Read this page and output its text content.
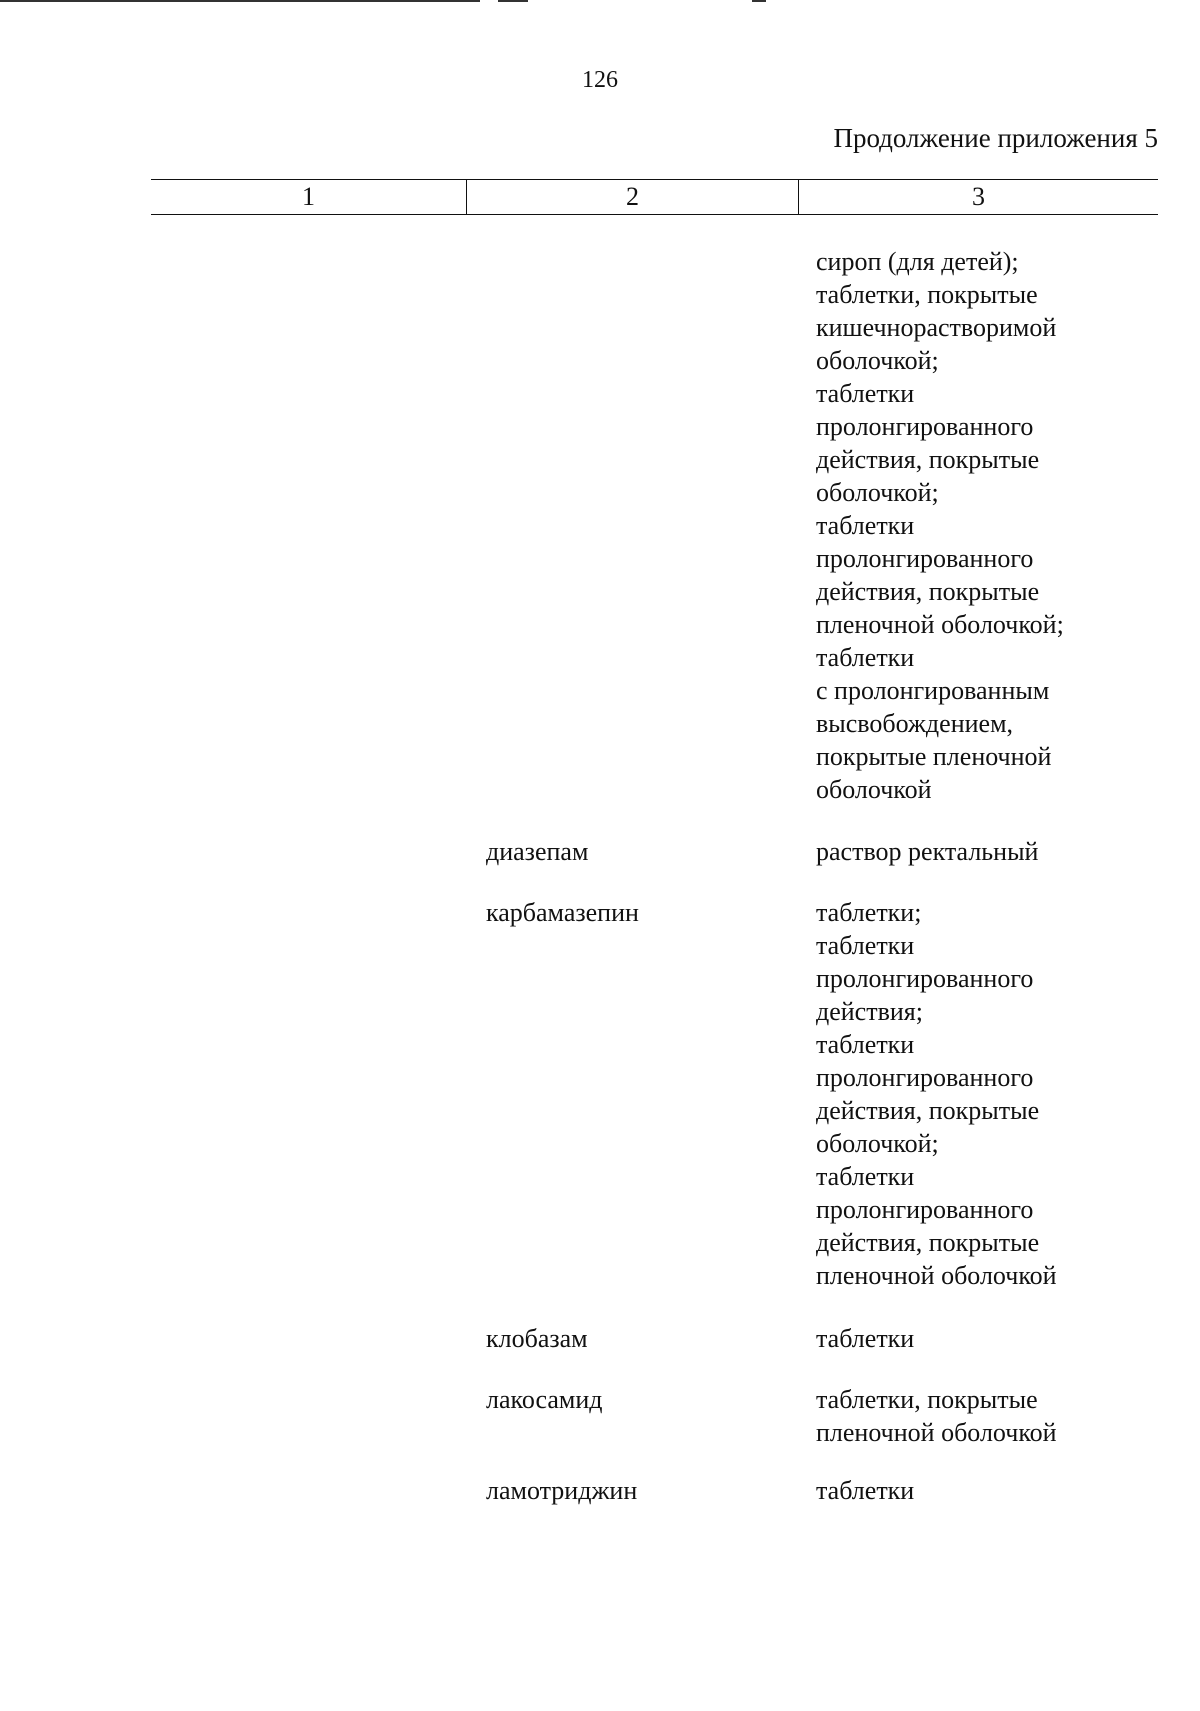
126
Продолжение приложения 5
1	2	3
сироп (для детей);
таблетки, покрытые
кишечнорастворимой
оболочкой;
таблетки
пролонгированного
действия, покрытые
оболочкой;
таблетки
пролонгированного
действия, покрытые
пленочной оболочкой;
таблетки
с пролонгированным
высвобождением,
покрытые пленочной
оболочкой
диазепам	раствор ректальный
карбамазепин	таблетки;
таблетки
пролонгированного
действия;
таблетки
пролонгированного
действия, покрытые
оболочкой;
таблетки
пролонгированного
действия, покрытые
пленочной оболочкой
клобазам	таблетки
лакосамид	таблетки, покрытые
пленочной оболочкой
ламотриджин	таблетки
